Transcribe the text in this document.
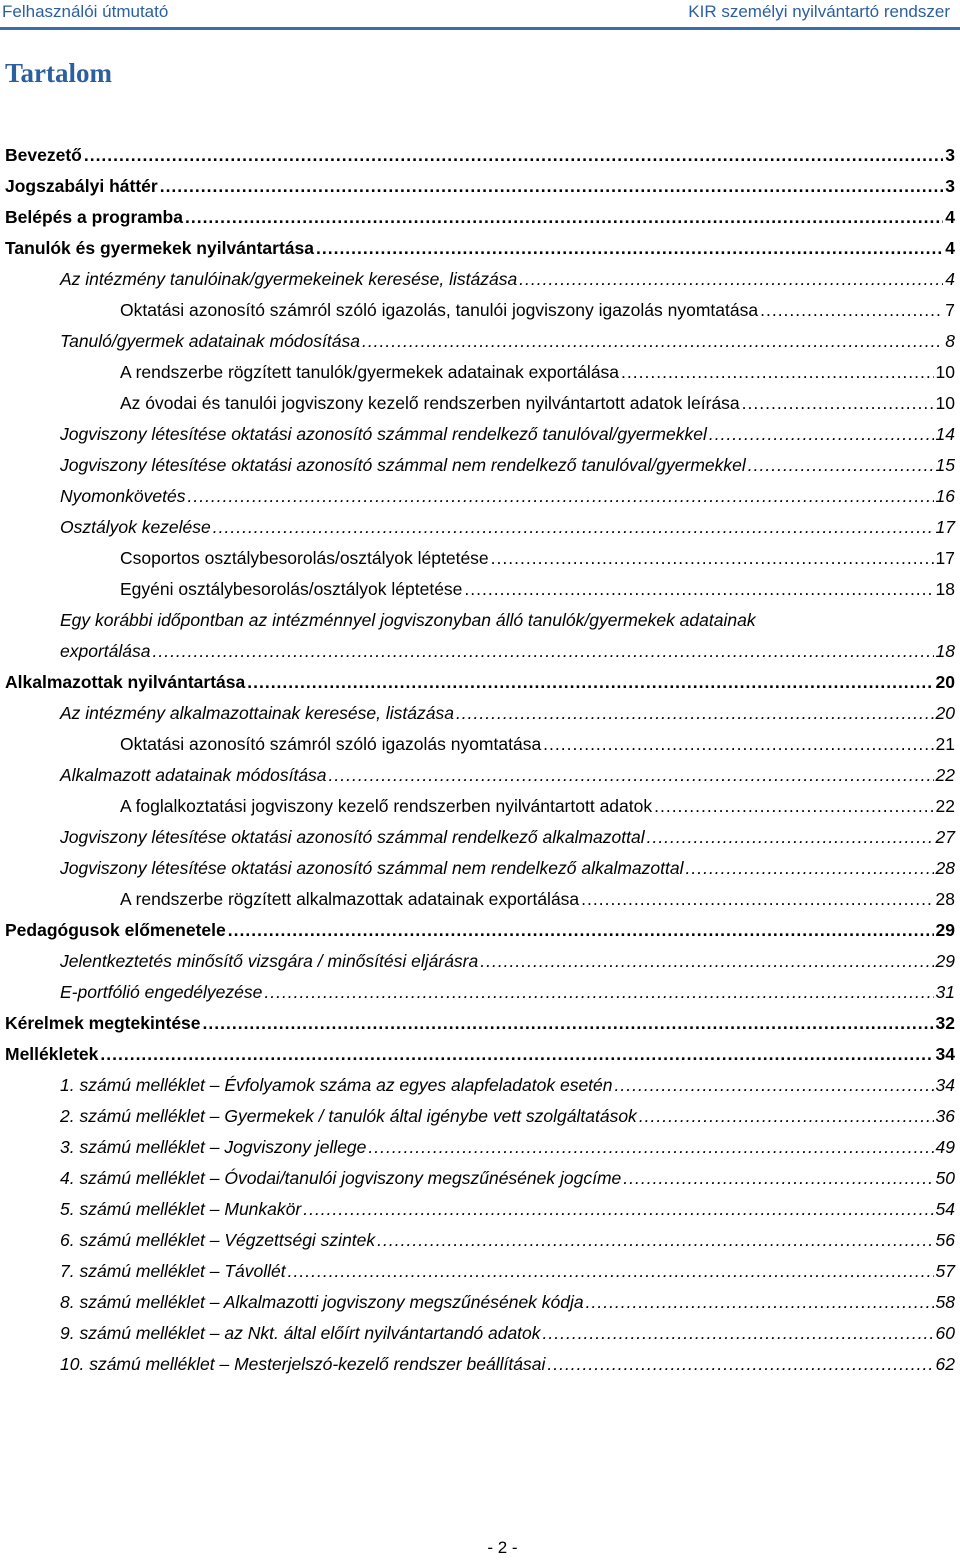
Felhasználói útmutató	KIR személyi nyilvántartó rendszer
Tartalom
Bevezető .....	3
Jogszabályi háttér .....	3
Belépés a programba .....	4
Tanulók és gyermekek nyilvántartása .....	4
Az intézmény tanulóinak/gyermekeinek keresése, listázása .....	4
Oktatási azonosító számról szóló igazolás, tanulói jogviszony igazolás nyomtatása .....	7
Tanuló/gyermek adatainak módosítása .....	8
A rendszerbe rögzített tanulók/gyermekek adatainak exportálása .....	10
Az óvodai és tanulói jogviszony kezelő rendszerben nyilvántartott adatok leírása .....	10
Jogviszony létesítése oktatási azonosító számmal rendelkező tanulóval/gyermekkel .....	14
Jogviszony létesítése oktatási azonosító számmal nem rendelkező tanulóval/gyermekkel .....	15
Nyomonkövetés .....	16
Osztályok kezelése .....	17
Csoportos osztálybesorolás/osztályok léptetése .....	17
Egyéni osztálybesorolás/osztályok léptetése .....	18
Egy korábbi időpontban az intézménnyel jogviszonyban álló tanulók/gyermekek adatainak
exportálása .....	18
Alkalmazottak nyilvántartása .....	20
Az intézmény alkalmazottainak keresése, listázása .....	20
Oktatási azonosító számról szóló igazolás nyomtatása .....	21
Alkalmazott adatainak módosítása .....	22
A foglalkoztatási jogviszony kezelő rendszerben nyilvántartott adatok .....	22
Jogviszony létesítése oktatási azonosító számmal rendelkező alkalmazottal .....	27
Jogviszony létesítése oktatási azonosító számmal nem rendelkező alkalmazottal .....	28
A rendszerbe rögzített alkalmazottak adatainak exportálása .....	28
Pedagógusok előmenetele .....	29
Jelentkeztetés minősítő vizsgára / minősítési eljárásra .....	29
E-portfólió engedélyezése .....	31
Kérelmek megtekintése .....	32
Mellékletek .....	34
1. számú melléklet – Évfolyamok száma az egyes alapfeladatok esetén .....	34
2. számú melléklet – Gyermekek / tanulók által igénybe vett szolgáltatások .....	36
3. számú melléklet – Jogviszony jellege .....	49
4. számú melléklet – Óvodai/tanulói jogviszony megszűnésének jogcíme .....	50
5. számú melléklet – Munkakör .....	54
6. számú melléklet – Végzettségi szintek .....	56
7. számú melléklet – Távollét .....	57
8. számú melléklet – Alkalmazotti jogviszony megszűnésének kódja .....	58
9. számú melléklet – az Nkt. által előírt nyilvántartandó adatok .....	60
10. számú melléklet – Mesterjelszó-kezelő rendszer beállításai .....	62
- 2 -
